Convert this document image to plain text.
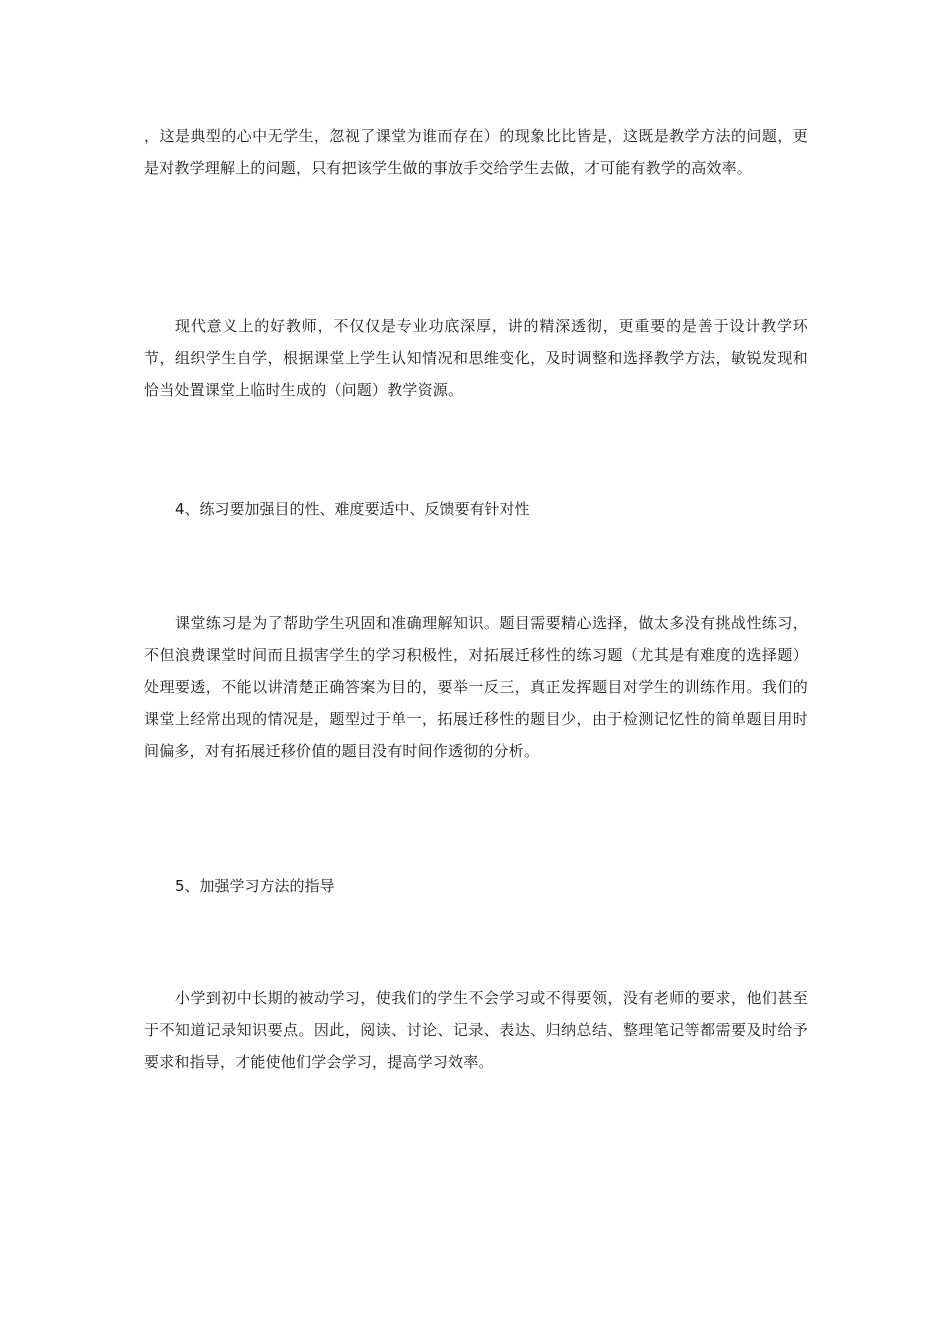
，这是典型的心中无学生，忽视了课堂为谁而存在）的现象比比皆是，这既是教学方法的问题，更是对教学理解上的问题，只有把该学生做的事放手交给学生去做，才可能有教学的高效率。

现代意义上的好教师，不仅仅是专业功底深厚，讲的精深透彻，更重要的是善于设计教学环节，组织学生自学，根据课堂上学生认知情况和思维变化，及时调整和选择教学方法，敏锐发现和恰当处置课堂上临时生成的（问题）教学资源。

4、练习要加强目的性、难度要适中、反馈要有针对性

课堂练习是为了帮助学生巩固和准确理解知识。题目需要精心选择，做太多没有挑战性练习，不但浪费课堂时间而且损害学生的学习积极性，对拓展迁移性的练习题（尤其是有难度的选择题）处理要透，不能以讲清楚正确答案为目的，要举一反三，真正发挥题目对学生的训练作用。我们的课堂上经常出现的情况是，题型过于单一，拓展迁移性的题目少，由于检测记忆性的简单题目用时间偏多，对有拓展迁移价值的题目没有时间作透彻的分析。

5、加强学习方法的指导

小学到初中长期的被动学习，使我们的学生不会学习或不得要领，没有老师的要求，他们甚至于不知道记录知识要点。因此，阅读、讨论、记录、表达、归纳总结、整理笔记等都需要及时给予要求和指导，才能使他们学会学习，提高学习效率。
